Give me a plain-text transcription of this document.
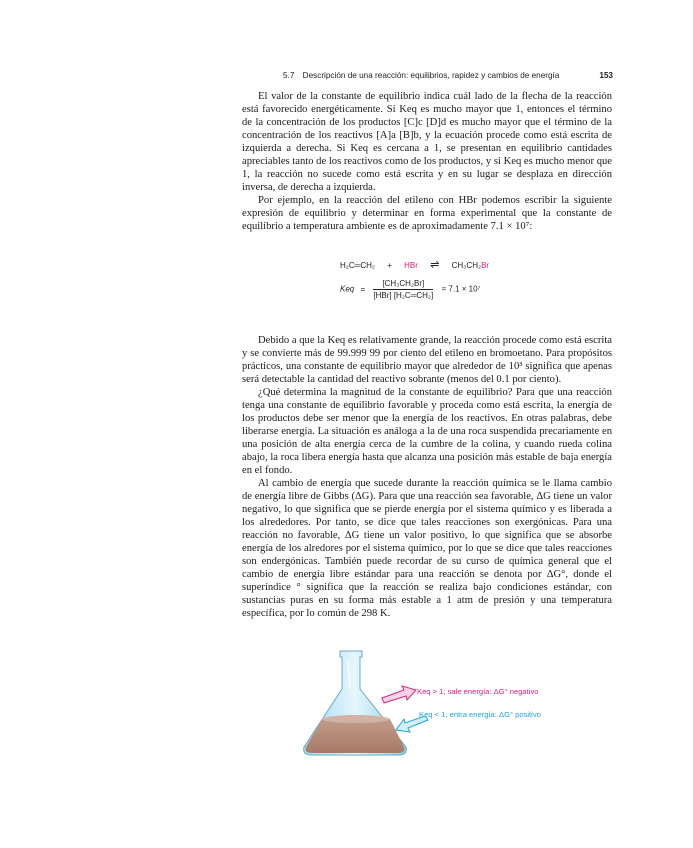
5.7 Descripción de una reacción: equilibrios, rapidez y cambios de energía	153

El valor de la constante de equilibrio indica cuál lado de la flecha de la reacción está favorecido energéticamente. Si Keq es mucho mayor que 1, entonces el término de la concentración de los productos [C]c [D]d es mucho mayor que el término de la concentración de los reactivos [A]a [B]b, y la ecuación procede como está escrita de izquierda a derecha. Si Keq es cercana a 1, se presentan en equilibrio cantidades apreciables tanto de los reactivos como de los productos, y si Keq es mucho menor que 1, la reacción no sucede como está escrita y en su lugar se desplaza en dirección inversa, de derecha a izquierda.

Por ejemplo, en la reacción del etileno con HBr podemos escribir la siguiente expresión de equilibrio y determinar en forma experimental que la constante de equilibrio a temperatura ambiente es de aproximadamente 7.1 × 10⁷:

H₂C═CH₂ + HBr ⇌ CH₃CH₂Br
Keq = $\frac{\text{[CH₃CH₂Br]}}{\text{[HBr] [H₂C═CH₂]}} = 7.1 \times 10^7$

Debido a que la Keq es relativamente grande, la reacción procede como está escrita y se convierte más de 99.999 99 por ciento del etileno en bromoetano. Para propósitos prácticos, una constante de equilibrio mayor que alrededor de 10³ significa que apenas será detectable la cantidad del reactivo sobrante (menos del 0.1 por ciento).

¿Qué determina la magnitud de la constante de equilibrio? Para que una reacción tenga una constante de equilibrio favorable y proceda como está escrita, la energía de los productos debe ser menor que la energía de los reactivos. En otras palabras, debe liberarse energía. La situación es análoga a la de una roca suspendida precariamente en una posición de alta energía cerca de la cumbre de la colina, y cuando rueda colina abajo, la roca libera energía hasta que alcanza una posición más estable de baja energía en el fondo.

Al cambio de energía que sucede durante la reacción química se le llama cambio de energía libre de Gibbs (ΔG). Para que una reacción sea favorable, ΔG tiene un valor negativo, lo que significa que se pierde energía por el sistema químico y es liberada a los alrededores. Por tanto, se dice que tales reacciones son exergónicas. Para una reacción no favorable, ΔG tiene un valor positivo, lo que significa que se absorbe energía de los alredores por el sistema químico, por lo que se dice que tales reacciones son endergónicas. También puede recordar de su curso de química general que el cambio de energía libre estándar para una reacción se denota por ΔG°, donde el superíndice ° significa que la reacción se realiza bajo condiciones estándar, con sustancias puras en su forma más estable a 1 atm de presión y una temperatura específica, por lo común de 298 K.

Keq > 1; sale energía: ΔG° negativo
Keq < 1; entra energía: ΔG° positivo
